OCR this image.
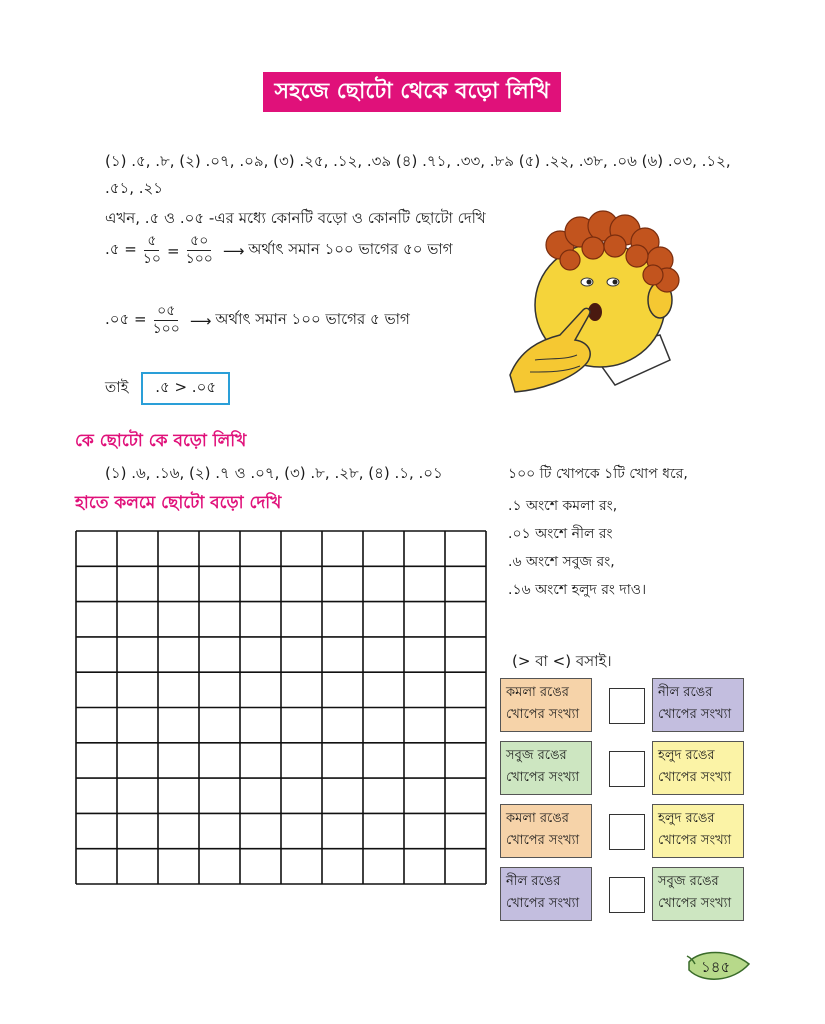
সহজে ছোটো থেকে বড়ো লিখি
(১) .৫, .৮, (২) .০৭, .০৯, (৩) .২৫, .১২, .৩৯ (৪) .৭১, .৩৩, .৮৯ (৫) .২২, .৩৮, .০৬ (৬) .০৩, .১২,
.৫১, .২১
এখন, .৫ ও .০৫ -এর মধ্যে কোনটি বড়ো ও কোনটি ছোটো দেখি
.৫ = $\frac{৫}{১০} = \frac{৫০}{১০০}$ ⟶ অর্থাৎ সমান ১০০ ভাগের ৫০ ভাগ
.০৫ = $\frac{০৫}{১০০}$ ⟶ অর্থাৎ সমান ১০০ ভাগের ৫ ভাগ
তাই .৫ > .০৫
কে ছোটো কে বড়ো লিখি
(১) .৬, .১৬, (২) .৭ ও .০৭, (৩) .৮, .২৮, (৪) .১, .০১
হাতে কলমে ছোটো বড়ো দেখি
১০০ টি খোপকে ১টি খোপ ধরে,
.১ অংশে কমলা রং,
.০১ অংশে নীল রং
.৬ অংশে সবুজ রং,
.১৬ অংশে হলুদ রং দাও।
(> বা <) বসাই।
কমলা রঙের
খোপের সংখ্যা
নীল রঙের
খোপের সংখ্যা
সবুজ রঙের
খোপের সংখ্যা
হলুদ রঙের
খোপের সংখ্যা
কমলা রঙের
খোপের সংখ্যা
হলুদ রঙের
খোপের সংখ্যা
নীল রঙের
খোপের সংখ্যা
সবুজ রঙের
খোপের সংখ্যা
১৪৫
